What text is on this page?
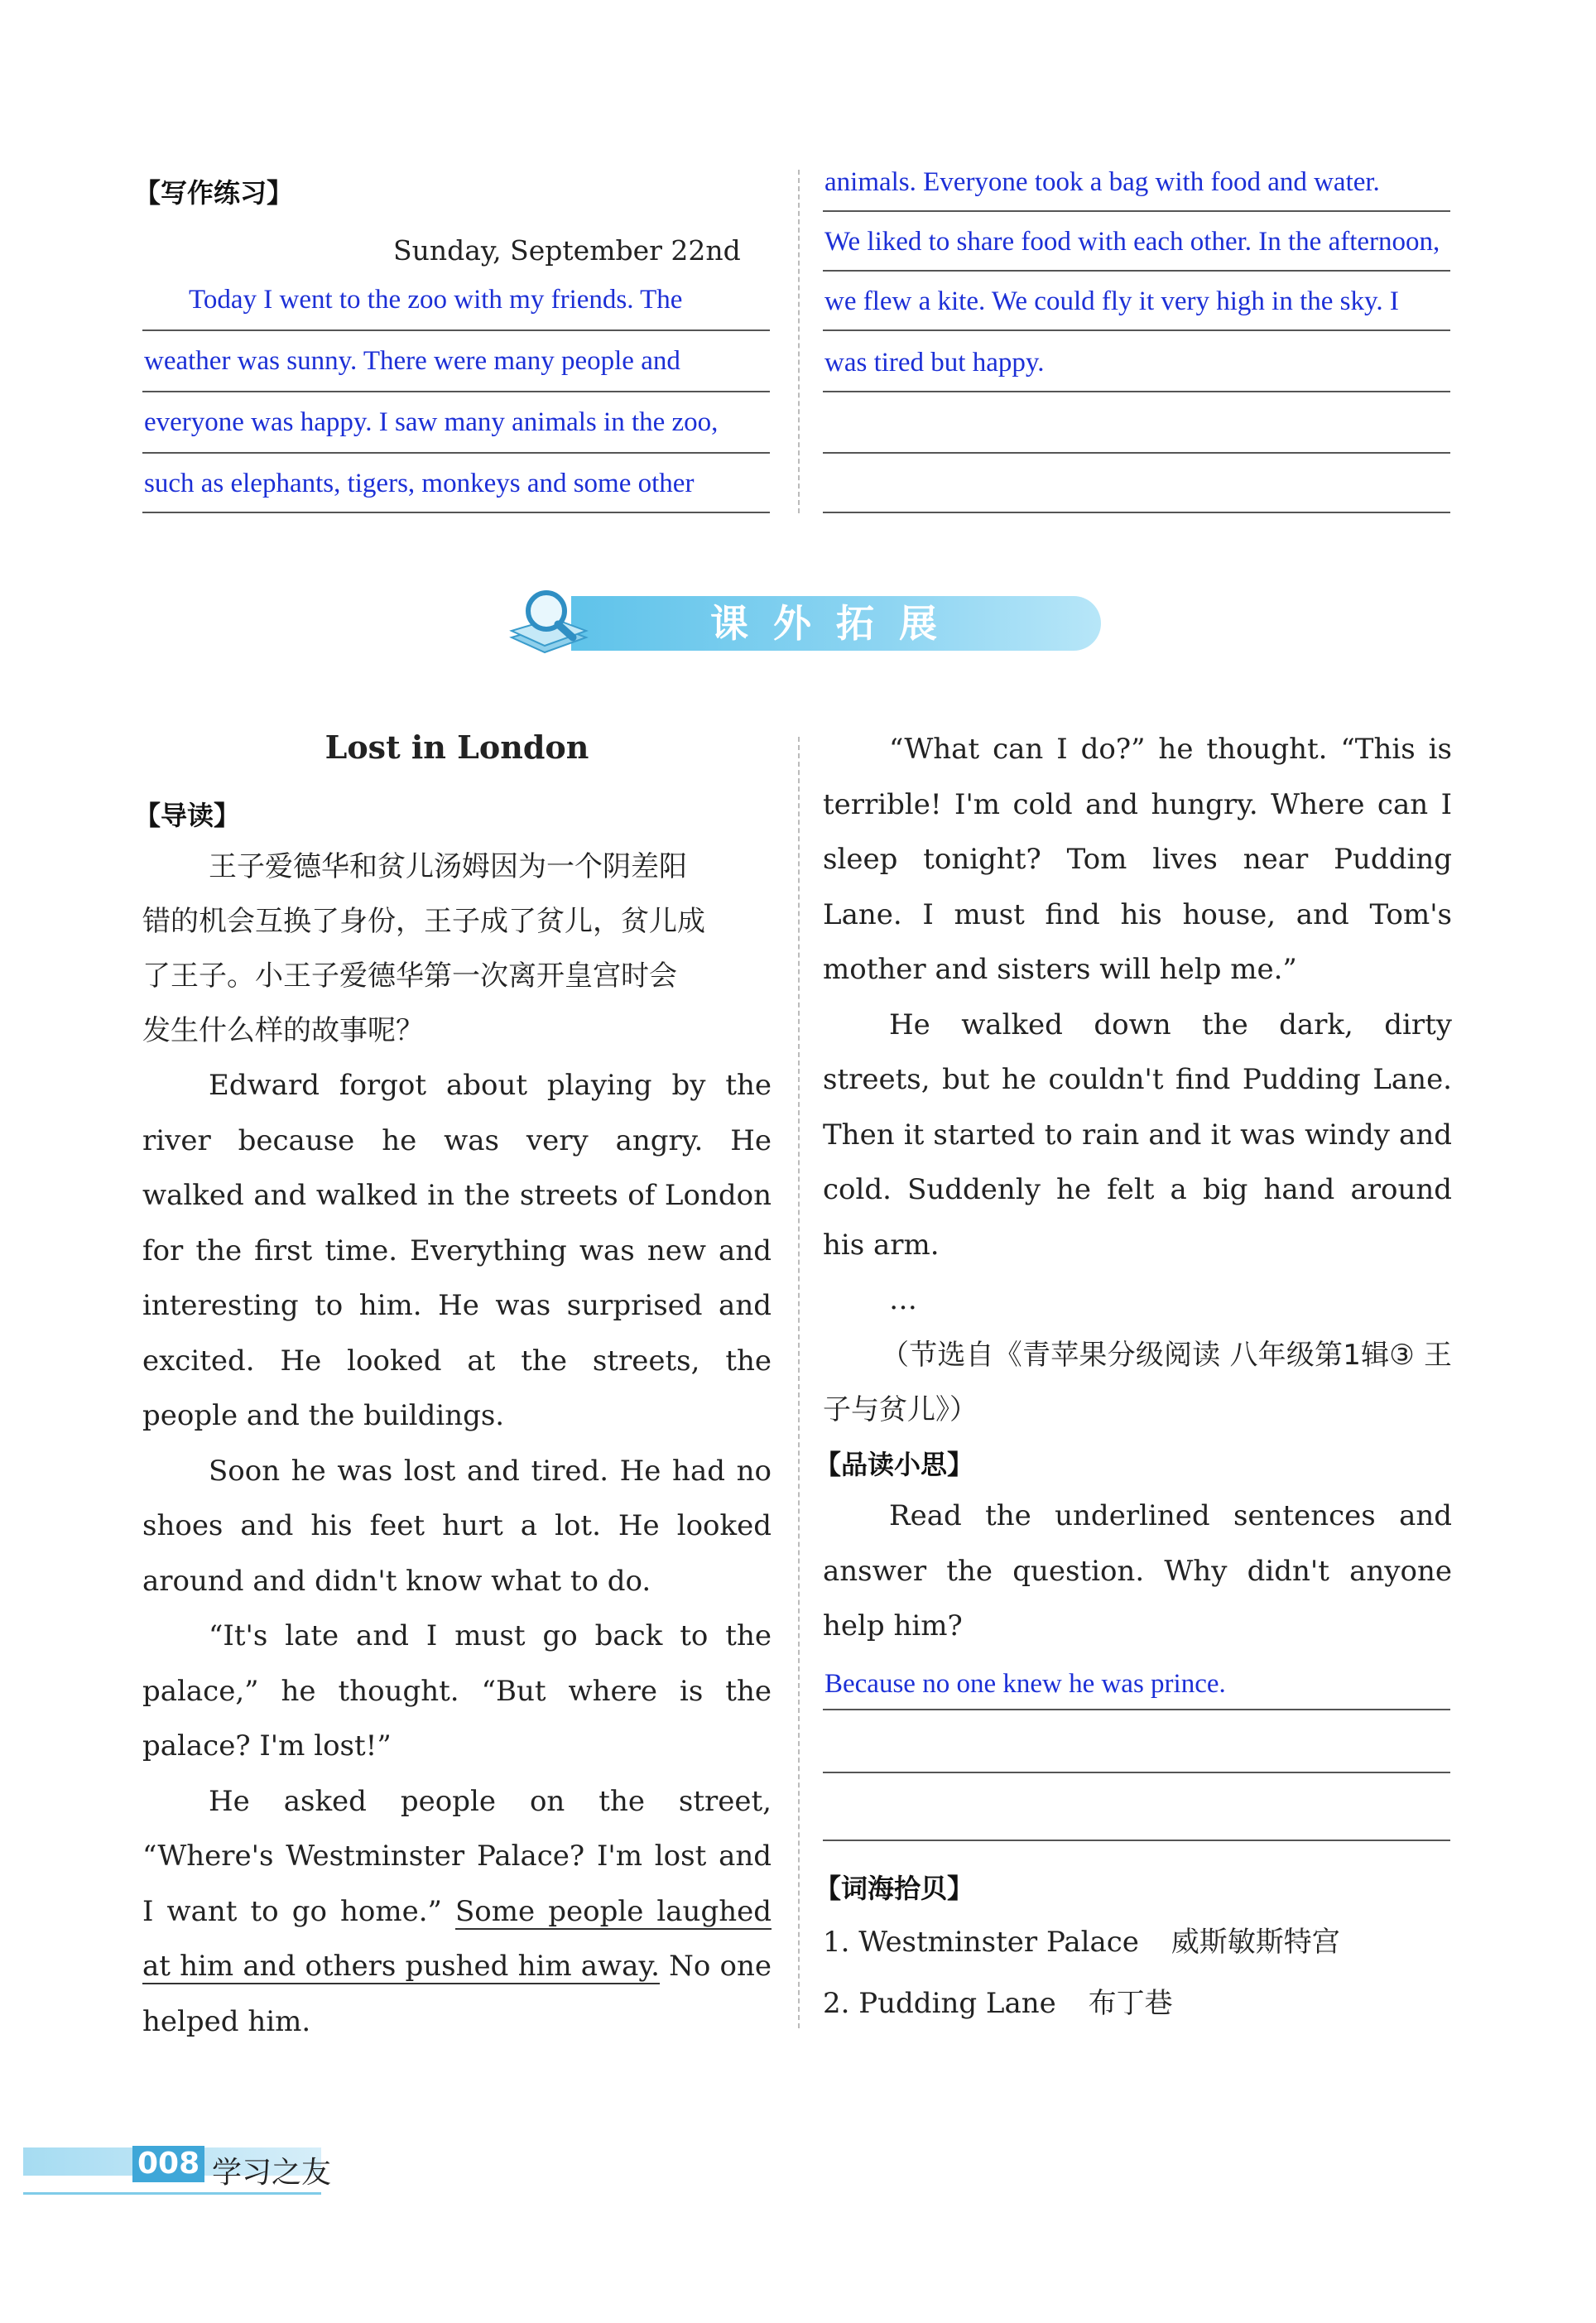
【写作练习】
Sunday, September 22nd
Today I went to the zoo with my friends. The
weather was sunny. There were many people and
everyone was happy. I saw many animals in the zoo,
such as elephants, tigers, monkeys and some other
animals. Everyone took a bag with food and water.
We liked to share food with each other. In the afternoon,
we flew a kite. We could fly it very high in the sky. I
was tired but happy.
课外拓展
Lost in London
【导读】
王子爱德华和贫儿汤姆因为一个阴差阳
错的机会互换了身份，王子成了贫儿，贫儿成
了王子。小王子爱德华第一次离开皇宫时会
发生什么样的故事呢？
Edward forgot about playing by the river because he was very angry. He walked and walked in the streets of London for the first time. Everything was new and interesting to him. He was surprised and excited. He looked at the streets, the people and the buildings.
Soon he was lost and tired. He had no shoes and his feet hurt a lot. He looked around and didn't know what to do.
“It's late and I must go back to the palace,” he thought. “But where is the palace? I'm lost!”
He asked people on the street, “Where's Westminster Palace? I'm lost and I want to go home.” Some people laughed at him and others pushed him away. No one helped him.
“What can I do?” he thought. “This is terrible! I'm cold and hungry. Where can I sleep tonight? Tom lives near Pudding Lane. I must find his house, and Tom's mother and sisters will help me.”
He walked down the dark, dirty streets, but he couldn't find Pudding Lane. Then it started to rain and it was windy and cold. Suddenly he felt a big hand around his arm.
…
（节选自《青苹果分级阅读 八年级第1辑③ 王子与贫儿》）
【品读小思】
Read the underlined sentences and answer the question. Why didn't anyone help him?
Because no one knew he was prince.
【词海拾贝】
1. Westminster Palace 威斯敏斯特宫
2. Pudding Lane 布丁巷
008 学习之友
